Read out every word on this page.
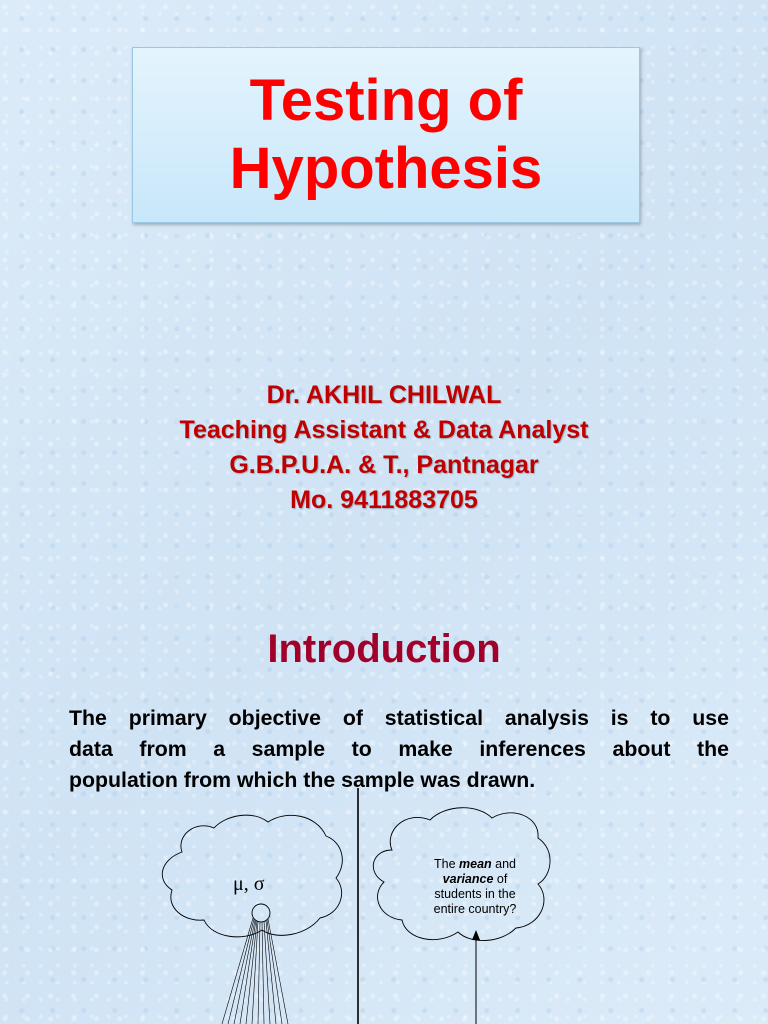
Testing of
Hypothesis
Dr. AKHIL CHILWAL
Teaching Assistant & Data Analyst
G.B.P.U.A. & T., Pantnagar
Mo. 9411883705
Introduction
The primary objective of statistical analysis is to use
data from a sample to make inferences about the
population from which the sample was drawn.
μ, σ
The mean and
variance of
students in the
entire country?
